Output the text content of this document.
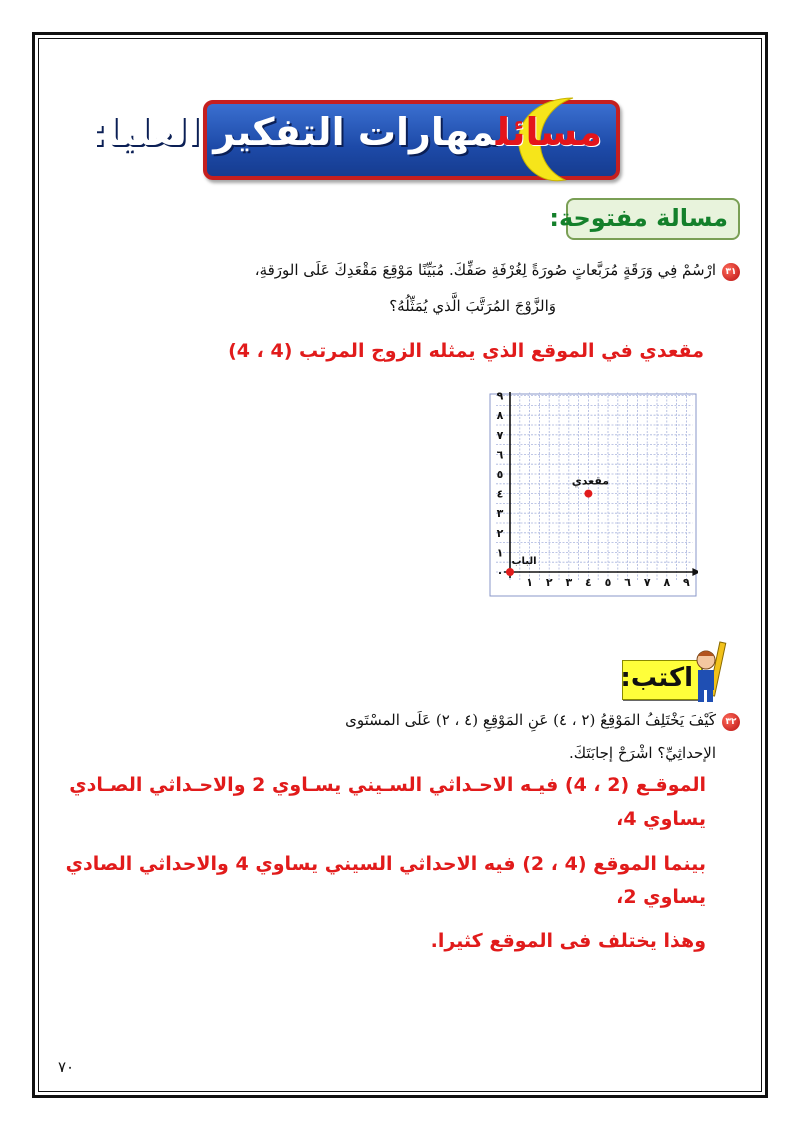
مسائلمهارات التفكير العليا:
مسالة مفتوحة:
٣١
ارْسُمْ فِي وَرَقَةٍ مُرَبَّعاتٍ صُورَةً لِغُرْفَةِ صَفِّكَ. مُبَيِّنًا مَوْقِعَ مَقْعَدِكَ عَلَى الورَقةِ،
وَالزَّوْجَ المُرَتَّبَ الَّذي يُمَثِّلُهُ؟
مقعدي في الموقع الذي يمثله الزوج المرتب (4 ، 4)
١
٢
٣
٤
٥
٦
٧
٨
٩
١ ٢ ٣ ٤ ٥ ٦ ٧ ٨ ٩
٠
مقعدي
الباب
اكتب:
٣٢
كَيْفَ يَخْتَلِفُ المَوْقِعُ (٢ ، ٤) عَنِ المَوْقِعِ (٤ ، ٢) عَلَى المسْتَوى
الإحداثِيِّ؟ اشْرَحْ إجابَتَكَ.
الموقـع (2 ، 4) فيـه الاحـداثي السـيني يسـاوي 2 والاحـداثي الصـادي
يساوي 4،
بينما الموقع (4 ، 2) فيه الاحداثي السيني يساوي 4 والاحداثي الصادي
يساوي 2،
وهذا يختلف فى الموقع كثيرا.
٧٠
